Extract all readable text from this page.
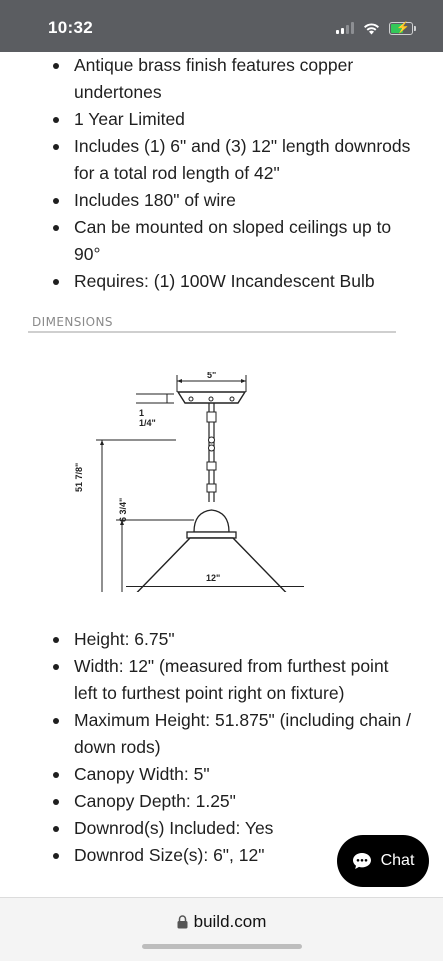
10:32	⚡
Antique brass finish features copper undertones
1 Year Limited
Includes (1) 6" and (3) 12" length downrods for a total rod length of 42"
Includes 180" of wire
Can be mounted on sloped ceilings up to 90°
Requires: (1) 100W Incandescent Bulb
DIMENSIONS
5"
1 1/4"
51 7/8"
6 3/4"
12"
Height: 6.75"
Width: 12" (measured from furthest point left to furthest point right on fixture)
Maximum Height: 51.875" (including chain / down rods)
Canopy Width: 5"
Canopy Depth: 1.25"
Downrod(s) Included: Yes
Downrod Size(s): 6", 12"	Chat
build.com
